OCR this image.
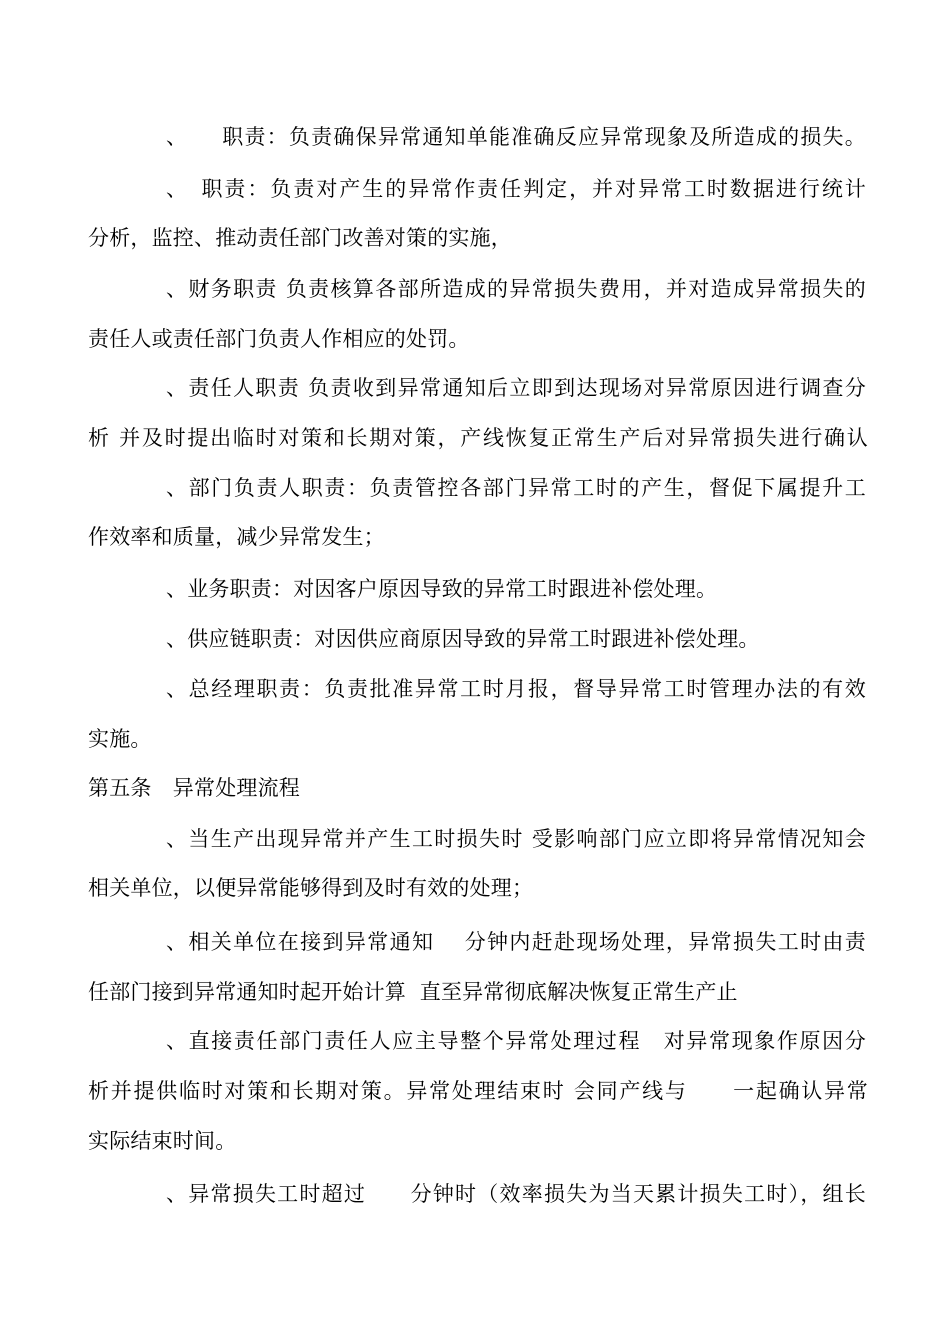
、　　职责：负责确保异常通知单能准确反应异常现象及所造成的损失。
、　职责：负责对产生的异常作责任判定，并对异常工时数据进行统计
分析，监控、推动责任部门改善对策的实施，
、财务职责 负责核算各部所造成的异常损失费用，并对造成异常损失的
责任人或责任部门负责人作相应的处罚。
、责任人职责 负责收到异常通知后立即到达现场对异常原因进行调查分
析 并及时提出临时对策和长期对策，产线恢复正常生产后对异常损失进行确认
、部门负责人职责：负责管控各部门异常工时的产生，督促下属提升工
作效率和质量，减少异常发生；
、业务职责：对因客户原因导致的异常工时跟进补偿处理。
、供应链职责：对因供应商原因导致的异常工时跟进补偿处理。
、总经理职责：负责批准异常工时月报，督导异常工时管理办法的有效
实施。
第五条　异常处理流程
、当生产出现异常并产生工时损失时 受影响部门应立即将异常情况知会
相关单位，以便异常能够得到及时有效的处理；
、相关单位在接到异常通知　 分钟内赶赴现场处理，异常损失工时由责
任部门接到异常通知时起开始计算  直至异常彻底解决恢复正常生产止
、直接责任部门责任人应主导整个异常处理过程　对异常现象作原因分
析并提供临时对策和长期对策。异常处理结束时 会同产线与　　一起确认异常
实际结束时间。
、异常损失工时超过　　分钟时（效率损失为当天累计损失工时），组长
